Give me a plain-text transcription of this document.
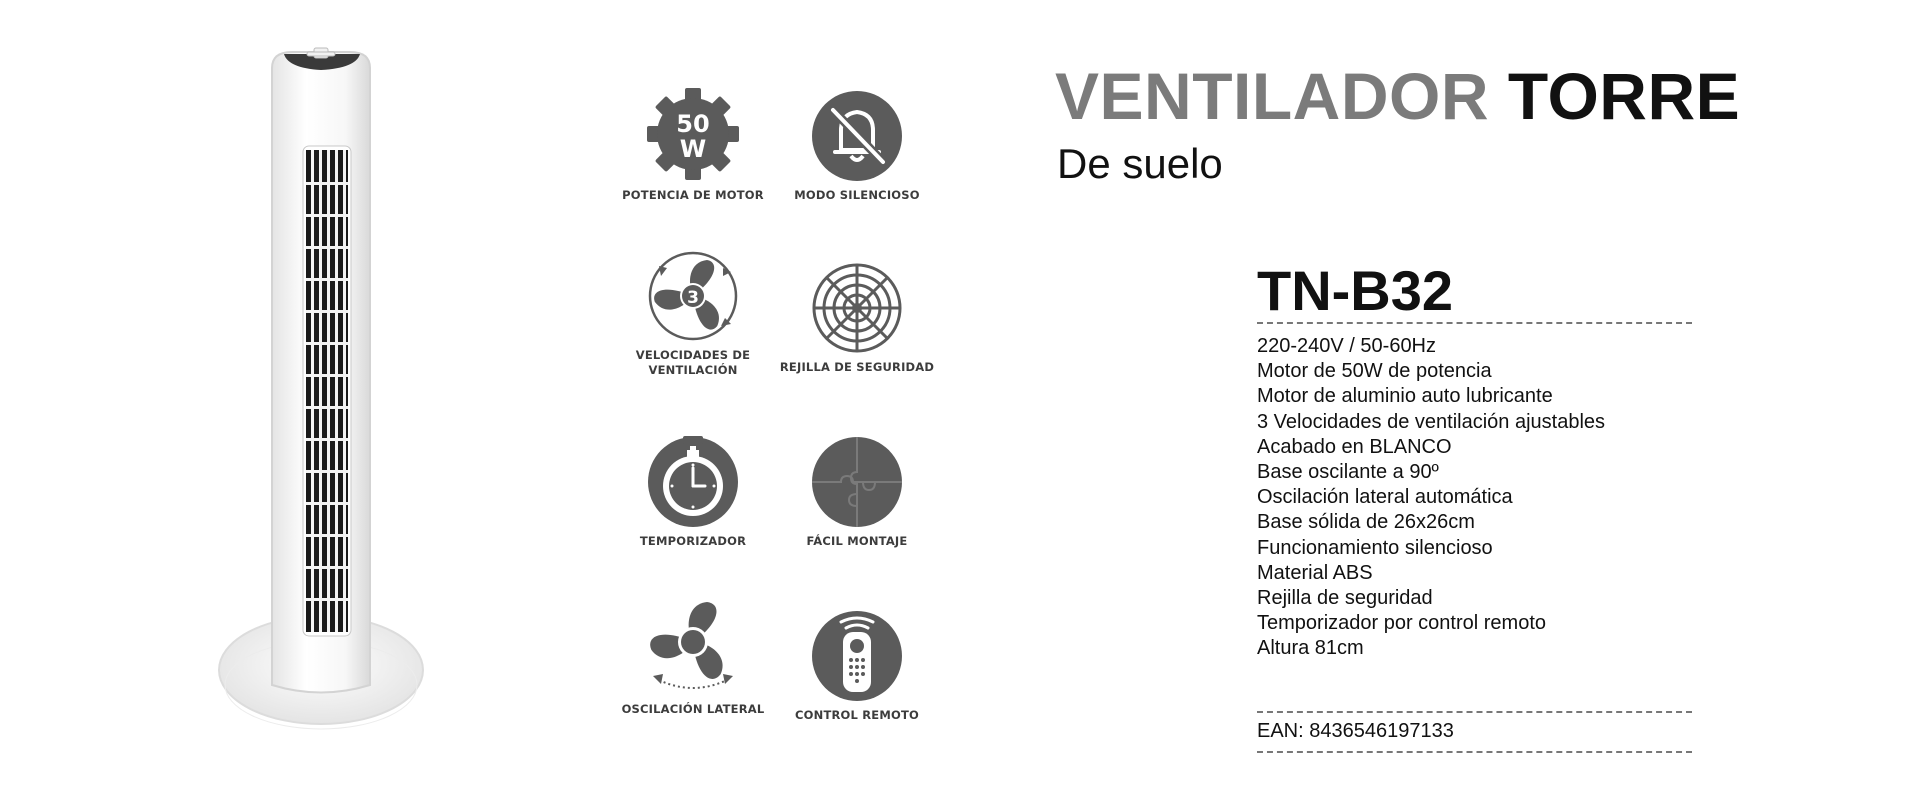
50
W
POTENCIA DE MOTOR	MODO SILENCIOSO
3
VELOCIDADES DE
VENTILACIÓN	REJILLA DE SEGURIDAD
TEMPORIZADOR	FÁCIL MONTAJE
OSCILACIÓN LATERAL	CONTROL REMOTO
VENTILADOR TORRE
De suelo
TN-B32
220-240V / 50-60Hz
Motor de 50W de potencia
Motor de aluminio auto lubricante
3 Velocidades de ventilación ajustables
Acabado en BLANCO
Base oscilante a 90º
Oscilación lateral automática
Base sólida de 26x26cm
Funcionamiento silencioso
Material ABS
Rejilla de seguridad
Temporizador por control remoto
Altura 81cm
EAN: 8436546197133
